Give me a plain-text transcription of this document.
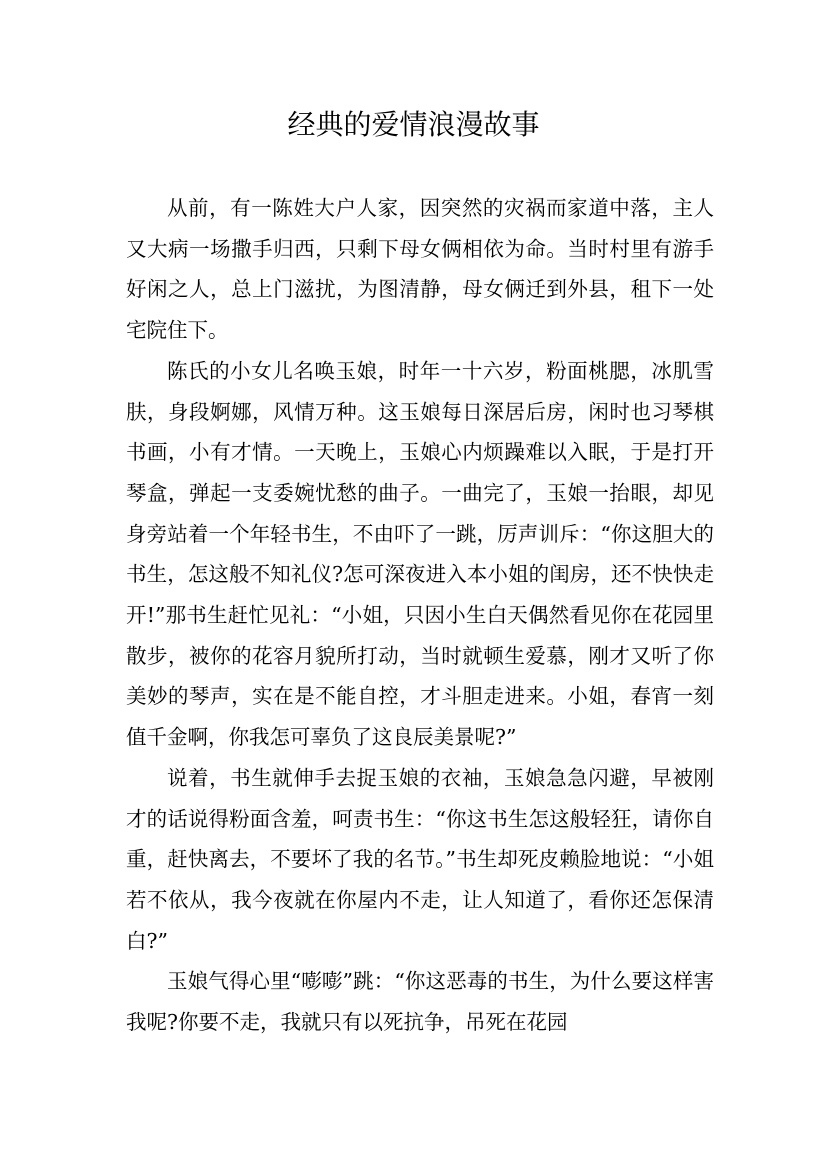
经典的爱情浪漫故事

从前，有一陈姓大户人家，因突然的灾祸而家道中落，主人又大病一场撒手归西，只剩下母女俩相依为命。当时村里有游手好闲之人，总上门滋扰，为图清静，母女俩迁到外县，租下一处宅院住下。

陈氏的小女儿名唤玉娘，时年一十六岁，粉面桃腮，冰肌雪肤，身段婀娜，风情万种。这玉娘每日深居后房，闲时也习琴棋书画，小有才情。一天晚上，玉娘心内烦躁难以入眠，于是打开琴盒，弹起一支委婉忧愁的曲子。一曲完了，玉娘一抬眼，却见身旁站着一个年轻书生，不由吓了一跳，厉声训斥：“你这胆大的书生，怎这般不知礼仪?怎可深夜进入本小姐的闺房，还不快快走开!”那书生赶忙见礼：“小姐，只因小生白天偶然看见你在花园里散步，被你的花容月貌所打动，当时就顿生爱慕，刚才又听了你美妙的琴声，实在是不能自控，才斗胆走进来。小姐，春宵一刻值千金啊，你我怎可辜负了这良辰美景呢?”

说着，书生就伸手去捉玉娘的衣袖，玉娘急急闪避，早被刚才的话说得粉面含羞，呵责书生：“你这书生怎这般轻狂，请你自重，赶快离去，不要坏了我的名节。”书生却死皮赖脸地说：“小姐若不依从，我今夜就在你屋内不走，让人知道了，看你还怎保清白?”

玉娘气得心里“嘭嘭”跳：“你这恶毒的书生，为什么要这样害我呢?你要不走，我就只有以死抗争，吊死在花园
